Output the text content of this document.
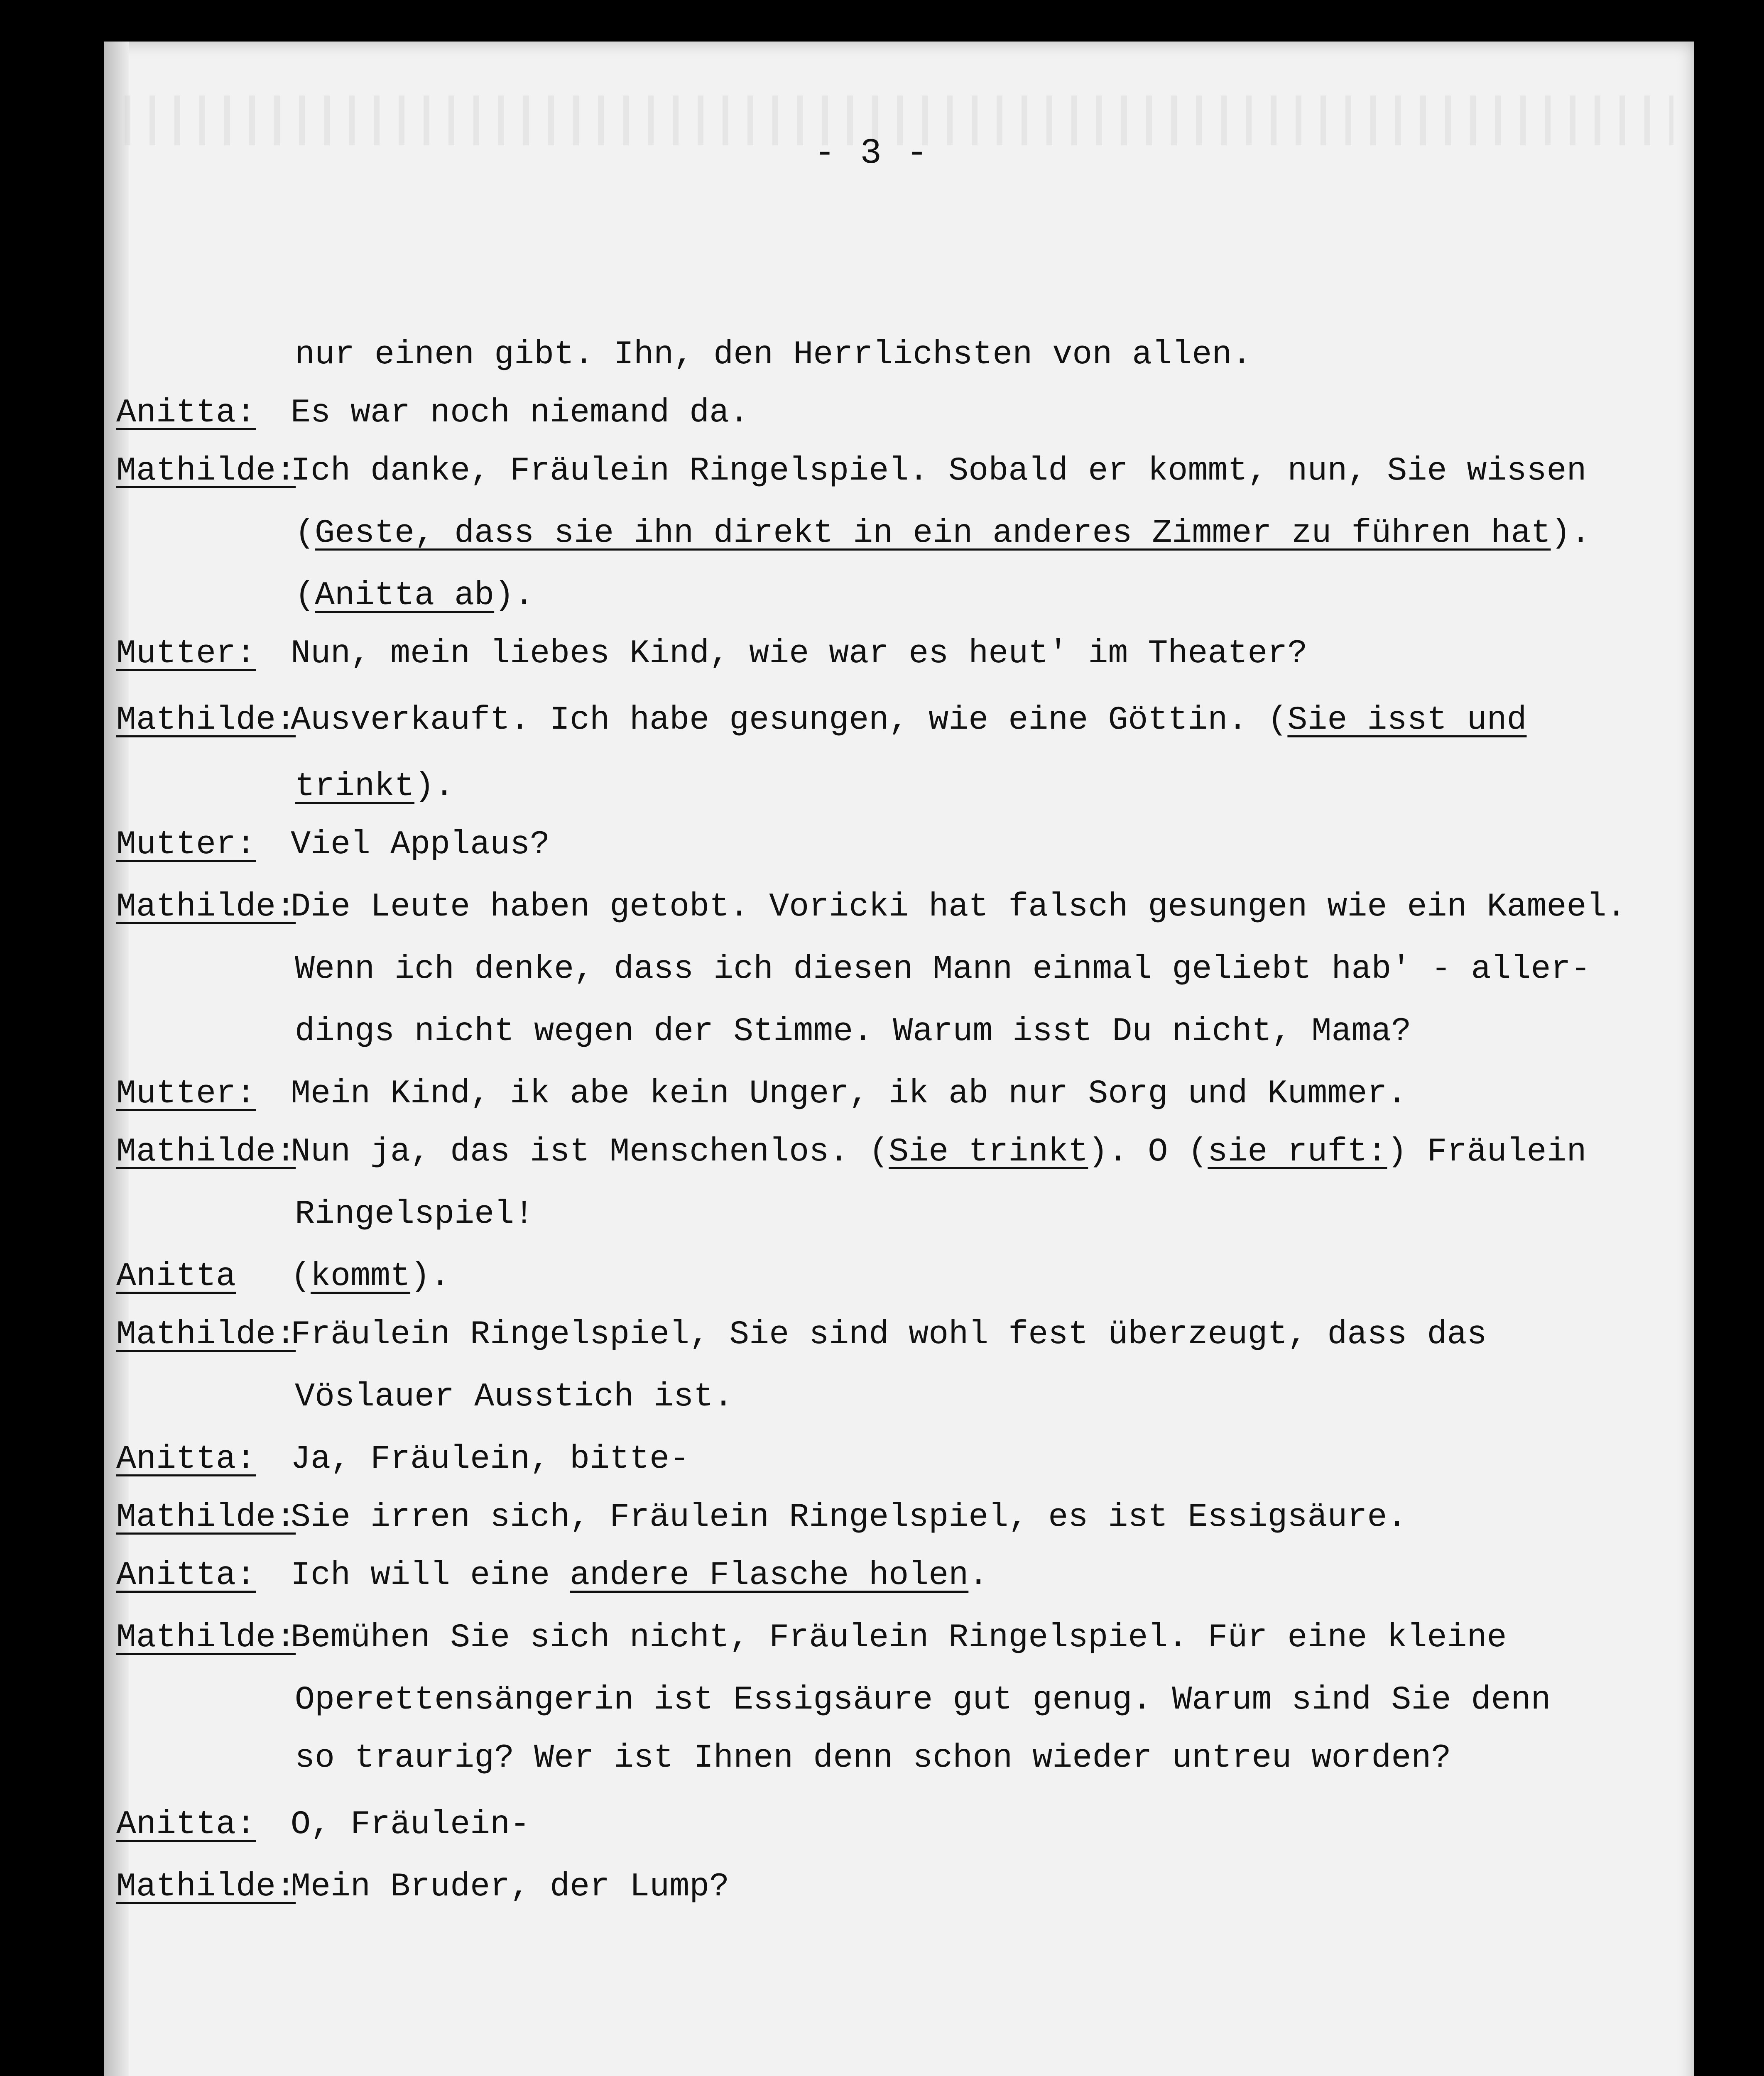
- 3 -
nur einen gibt. Ihn, den Herrlichsten von allen.
Anitta: Es war noch niemand da.
Mathilde:
Ich danke, Fräulein Ringelspiel. Sobald er kommt, nun, Sie wissen
(Geste, dass sie ihn direkt in ein anderes Zimmer zu führen hat).
(Anitta ab).
Mutter: Nun, mein liebes Kind, wie war es heut' im Theater?
Mathilde:
Ausverkauft. Ich habe gesungen, wie eine Göttin. (Sie isst und
trinkt).
Mutter: Viel Applaus?
Mathilde:
Die Leute haben getobt. Voricki hat falsch gesungen wie ein Kameel.
Wenn ich denke, dass ich diesen Mann einmal geliebt hab' - aller-
dings nicht wegen der Stimme. Warum isst Du nicht, Mama?
Mutter: Mein Kind, ik abe kein Unger, ik ab nur Sorg und Kummer.
Mathilde:
Nun ja, das ist Menschenlos. (Sie trinkt). O (sie ruft:) Fräulein
Ringelspiel!
Anitta (kommt).
Mathilde:
Fräulein Ringelspiel, Sie sind wohl fest überzeugt, dass das
Vöslauer Ausstich ist.
Anitta: Ja, Fräulein, bitte-
Mathilde:
Sie irren sich, Fräulein Ringelspiel, es ist Essigsäure.
Anitta: Ich will eine andere Flasche holen.
Mathilde:
Bemühen Sie sich nicht, Fräulein Ringelspiel. Für eine kleine
Operettensängerin ist Essigsäure gut genug. Warum sind Sie denn
so traurig? Wer ist Ihnen denn schon wieder untreu worden?
Anitta: O, Fräulein-
Mathilde:
Mein Bruder, der Lump?
